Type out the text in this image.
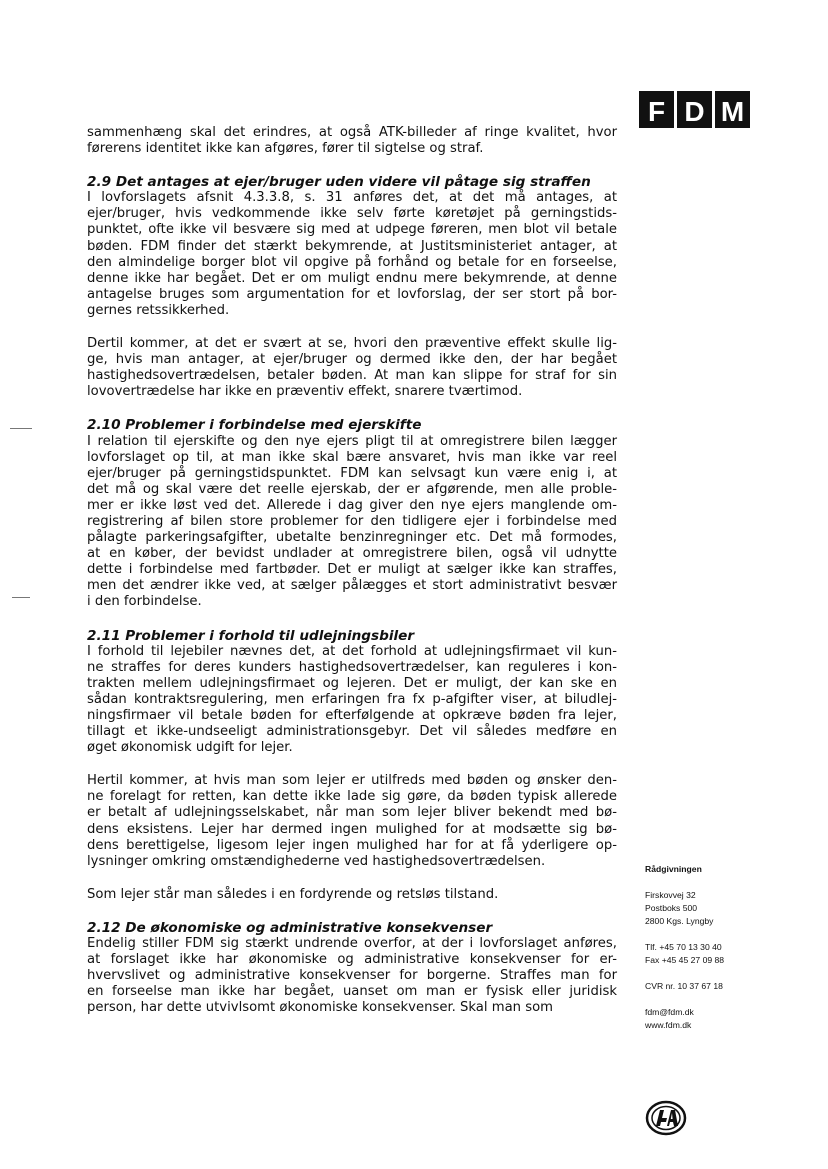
F D M

sammenhæng skal det erindres, at også ATK-billeder af ringe kvalitet, hvor
førerens identitet ikke kan afgøres, fører til sigtelse og straf.

2.9 Det antages at ejer/bruger uden videre vil påtage sig straffen

I lovforslagets afsnit 4.3.3.8, s. 31 anføres det, at det må antages, at
ejer/bruger, hvis vedkommende ikke selv førte køretøjet på gerningstids-
punktet, ofte ikke vil besvære sig med at udpege føreren, men blot vil betale
bøden. FDM finder det stærkt bekymrende, at Justitsministeriet antager, at
den almindelige borger blot vil opgive på forhånd og betale for en forseelse,
denne ikke har begået. Det er om muligt endnu mere bekymrende, at denne
antagelse bruges som argumentation for et lovforslag, der ser stort på bor-
gernes retssikkerhed.

Dertil kommer, at det er svært at se, hvori den præventive effekt skulle lig-
ge, hvis man antager, at ejer/bruger og dermed ikke den, der har begået
hastighedsovertrædelsen, betaler bøden. At man kan slippe for straf for sin
lovovertrædelse har ikke en præventiv effekt, snarere tværtimod.

2.10 Problemer i forbindelse med ejerskifte

I relation til ejerskifte og den nye ejers pligt til at omregistrere bilen lægger
lovforslaget op til, at man ikke skal bære ansvaret, hvis man ikke var reel
ejer/bruger på gerningstidspunktet. FDM kan selvsagt kun være enig i, at
det må og skal være det reelle ejerskab, der er afgørende, men alle proble-
mer er ikke løst ved det. Allerede i dag giver den nye ejers manglende om-
registrering af bilen store problemer for den tidligere ejer i forbindelse med
pålagte parkeringsafgifter, ubetalte benzinregninger etc. Det må formodes,
at en køber, der bevidst undlader at omregistrere bilen, også vil udnytte
dette i forbindelse med fartbøder. Det er muligt at sælger ikke kan straffes,
men det ændrer ikke ved, at sælger pålægges et stort administrativt besvær
i den forbindelse.

2.11 Problemer i forhold til udlejningsbiler

I forhold til lejebiler nævnes det, at det forhold at udlejningsfirmaet vil kun-
ne straffes for deres kunders hastighedsovertrædelser, kan reguleres i kon-
trakten mellem udlejningsfirmaet og lejeren. Det er muligt, der kan ske en
sådan kontraktsregulering, men erfaringen fra fx p-afgifter viser, at biludlej-
ningsfirmaer vil betale bøden for efterfølgende at opkræve bøden fra lejer,
tillagt et ikke-undseeligt administrationsgebyr. Det vil således medføre en
øget økonomisk udgift for lejer.

Hertil kommer, at hvis man som lejer er utilfreds med bøden og ønsker den-
ne forelagt for retten, kan dette ikke lade sig gøre, da bøden typisk allerede
er betalt af udlejningsselskabet, når man som lejer bliver bekendt med bø-
dens eksistens. Lejer har dermed ingen mulighed for at modsætte sig bø-
dens berettigelse, ligesom lejer ingen mulighed har for at få yderligere op-
lysninger omkring omstændighederne ved hastighedsovertrædelsen.

Som lejer står man således i en fordyrende og retsløs tilstand.

2.12 De økonomiske og administrative konsekvenser

Endelig stiller FDM sig stærkt undrende overfor, at der i lovforslaget anføres,
at forslaget ikke har økonomiske og administrative konsekvenser for er-
hvervslivet og administrative konsekvenser for borgerne. Straffes man for
en forseelse man ikke har begået, uanset om man er fysisk eller juridisk
person, har dette utvivlsomt økonomiske konsekvenser. Skal man som

Rådgivningen
Firskovvej 32
Postboks 500
2800 Kgs. Lyngby
Tlf. +45 70 13 30 40
Fax +45 45 27 09 88
CVR nr. 10 37 67 18
fdm@fdm.dk
www.fdm.dk
